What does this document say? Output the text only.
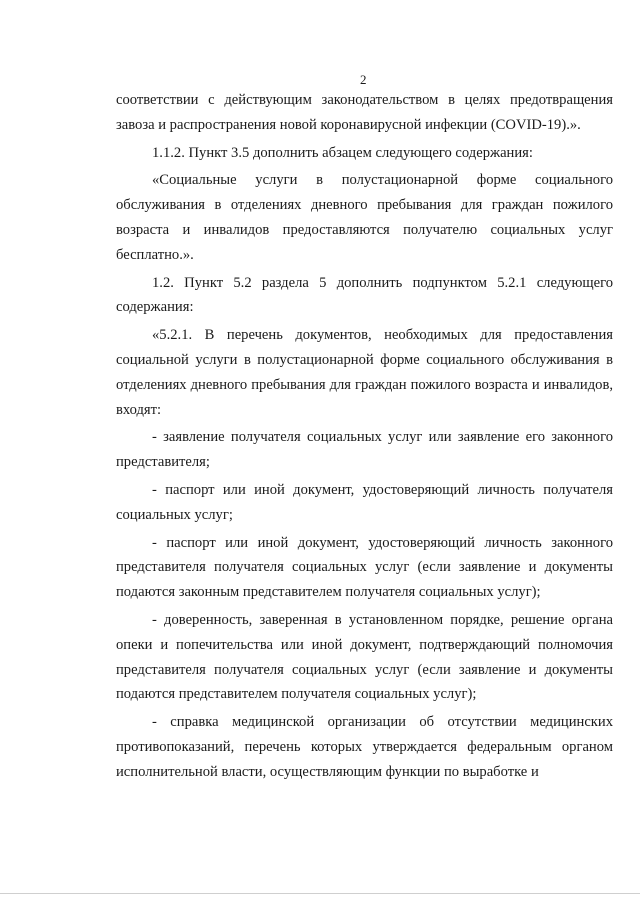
2

соответствии с действующим законодательством в целях предотвращения завоза и распространения новой коронавирусной инфекции (COVID-19).».

1.1.2. Пункт 3.5 дополнить абзацем следующего содержания:

«Социальные услуги в полустационарной форме социального обслуживания в отделениях дневного пребывания для граждан пожилого возраста и инвалидов предоставляются получателю социальных услуг бесплатно.».

1.2. Пункт 5.2 раздела 5 дополнить подпунктом 5.2.1 следующего содержания:

«5.2.1. В перечень документов, необходимых для предоставления социальной услуги в полустационарной форме социального обслуживания в отделениях дневного пребывания для граждан пожилого возраста и инвалидов, входят:

- заявление получателя социальных услуг или заявление его законного представителя;

- паспорт или иной документ, удостоверяющий личность получателя социальных услуг;

- паспорт или иной документ, удостоверяющий личность законного представителя получателя социальных услуг (если заявление и документы подаются законным представителем получателя социальных услуг);

- доверенность, заверенная в установленном порядке, решение органа опеки и попечительства или иной документ, подтверждающий полномочия представителя получателя социальных услуг (если заявление и документы подаются представителем получателя социальных услуг);

- справка медицинской организации об отсутствии медицинских противопоказаний, перечень которых утверждается федеральным органом исполнительной власти, осуществляющим функции по выработке и
